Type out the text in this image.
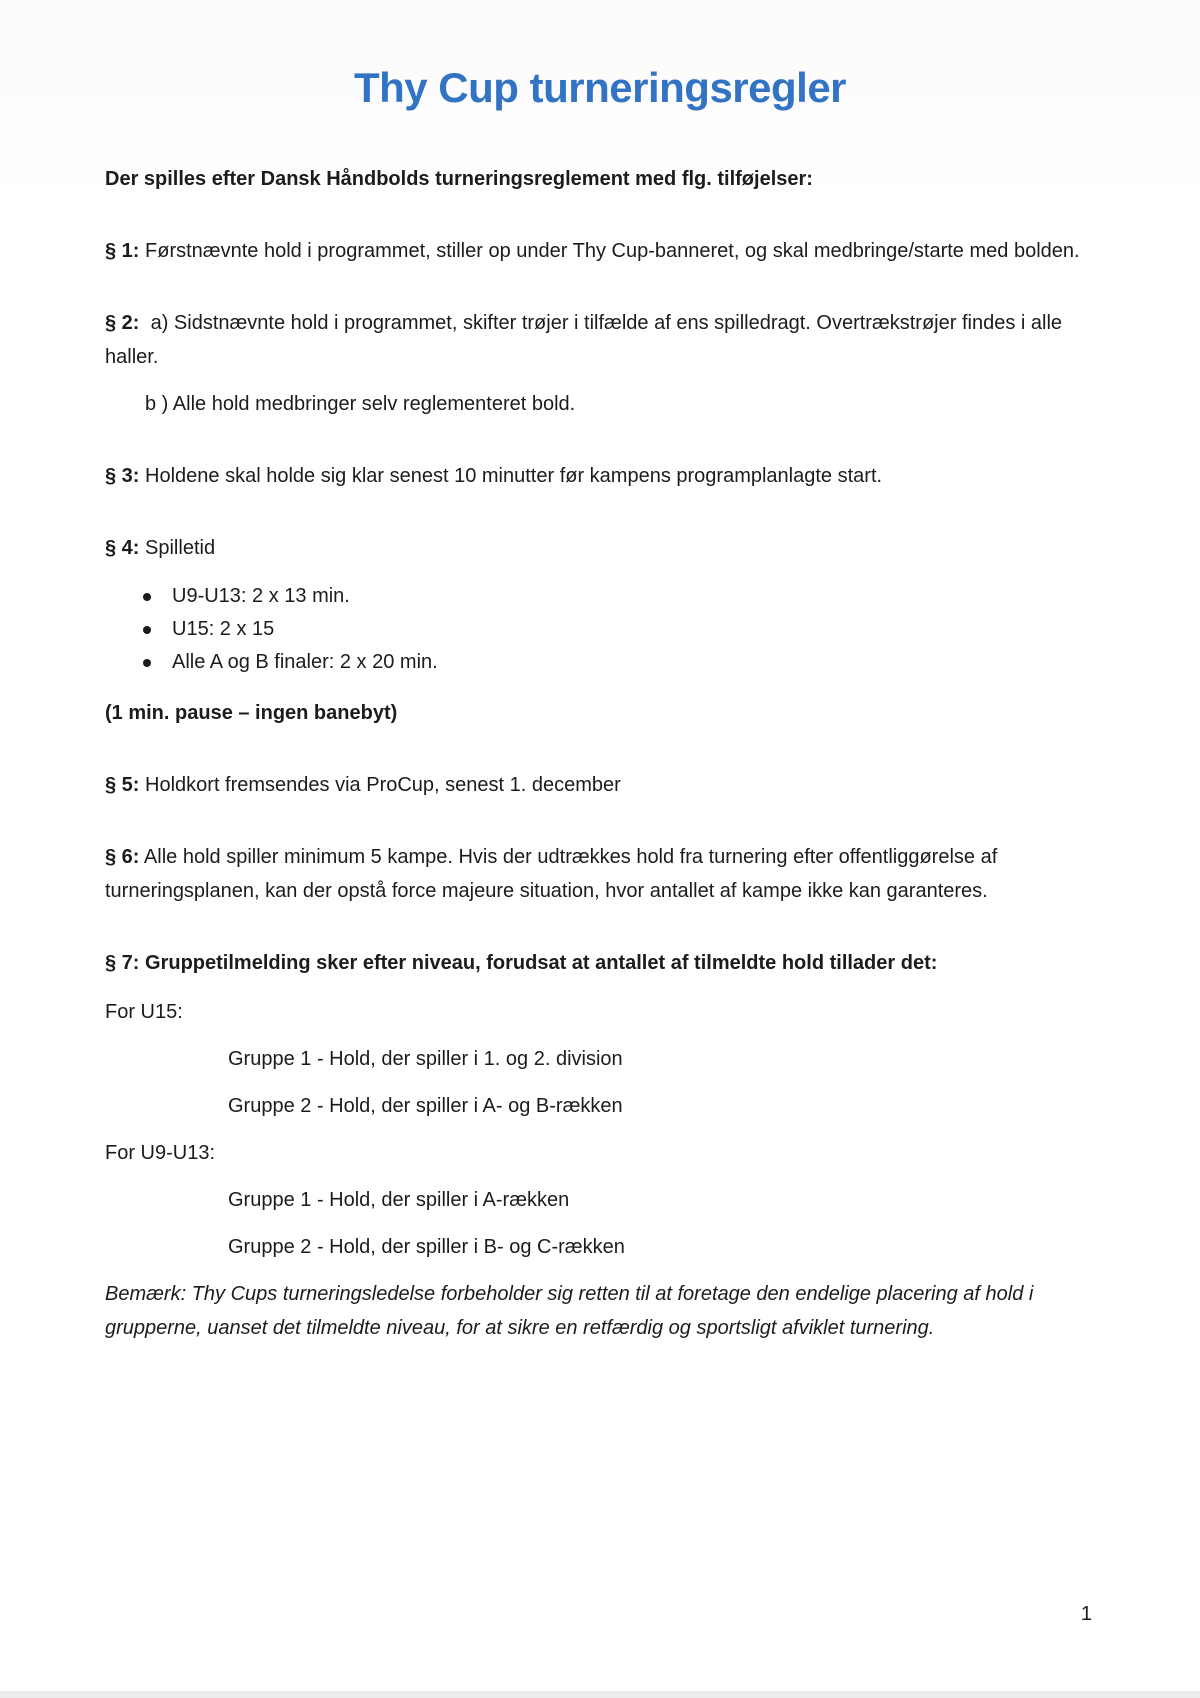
Thy Cup turneringsregler

Der spilles efter Dansk Håndbolds turneringsreglement med flg. tilføjelser:

§ 1: Førstnævnte hold i programmet, stiller op under Thy Cup-banneret, og skal medbringe/starte med bolden.

§ 2:  a) Sidstnævnte hold i programmet, skifter trøjer i tilfælde af ens spilledragt. Overtrækstrøjer findes i alle haller.

b ) Alle hold medbringer selv reglementeret bold.

§ 3: Holdene skal holde sig klar senest 10 minutter før kampens programplanlagte start.

§ 4: Spilletid

U9-U13: 2 x 13 min.
U15: 2 x 15
Alle A og B finaler: 2 x 20 min.

(1 min. pause – ingen banebyt)

§ 5: Holdkort fremsendes via ProCup, senest 1. december

§ 6: Alle hold spiller minimum 5 kampe. Hvis der udtrækkes hold fra turnering efter offentliggørelse af turneringsplanen, kan der opstå force majeure situation, hvor antallet af kampe ikke kan garanteres.

§ 7: Gruppetilmelding sker efter niveau, forudsat at antallet af tilmeldte hold tillader det:

For U15:

Gruppe 1 - Hold, der spiller i 1. og 2. division

Gruppe 2 - Hold, der spiller i A- og B-rækken

For U9-U13:

Gruppe 1 - Hold, der spiller i A-rækken

Gruppe 2 - Hold, der spiller i B- og C-rækken

Bemærk: Thy Cups turneringsledelse forbeholder sig retten til at foretage den endelige placering af hold i grupperne, uanset det tilmeldte niveau, for at sikre en retfærdig og sportsligt afviklet turnering.

1
